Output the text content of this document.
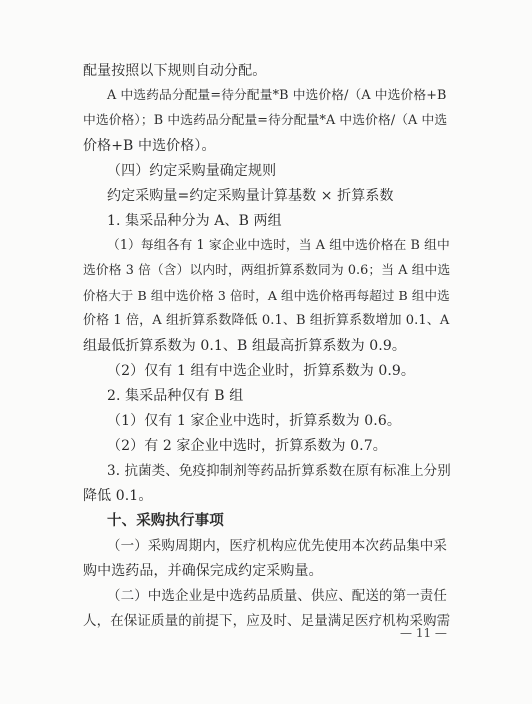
配量按照以下规则自动分配。
A 中选药品分配量=待分配量*B 中选价格/（A 中选价格+B
中选价格）；B 中选药品分配量=待分配量*A 中选价格/（A 中选
价格+B 中选价格）。
（四）约定采购量确定规则
约定采购量=约定采购量计算基数 × 折算系数
1. 集采品种分为 A、B 两组
（1）每组各有 1 家企业中选时，当 A 组中选价格在 B 组中
选价格 3 倍（含）以内时，两组折算系数同为 0.6；当 A 组中选
价格大于 B 组中选价格 3 倍时，A 组中选价格再每超过 B 组中选
价格 1 倍，A 组折算系数降低 0.1、B 组折算系数增加 0.1、A
组最低折算系数为 0.1、B 组最高折算系数为 0.9。
（2）仅有 1 组有中选企业时，折算系数为 0.9。
2. 集采品种仅有 B 组
（1）仅有 1 家企业中选时，折算系数为 0.6。
（2）有 2 家企业中选时，折算系数为 0.7。
3. 抗菌类、免疫抑制剂等药品折算系数在原有标准上分别
降低 0.1。
十、采购执行事项
（一）采购周期内，医疗机构应优先使用本次药品集中采
购中选药品，并确保完成约定采购量。
（二）中选企业是中选药品质量、供应、配送的第一责任
人，在保证质量的前提下，应及时、足量满足医疗机构采购需
— 11 —
